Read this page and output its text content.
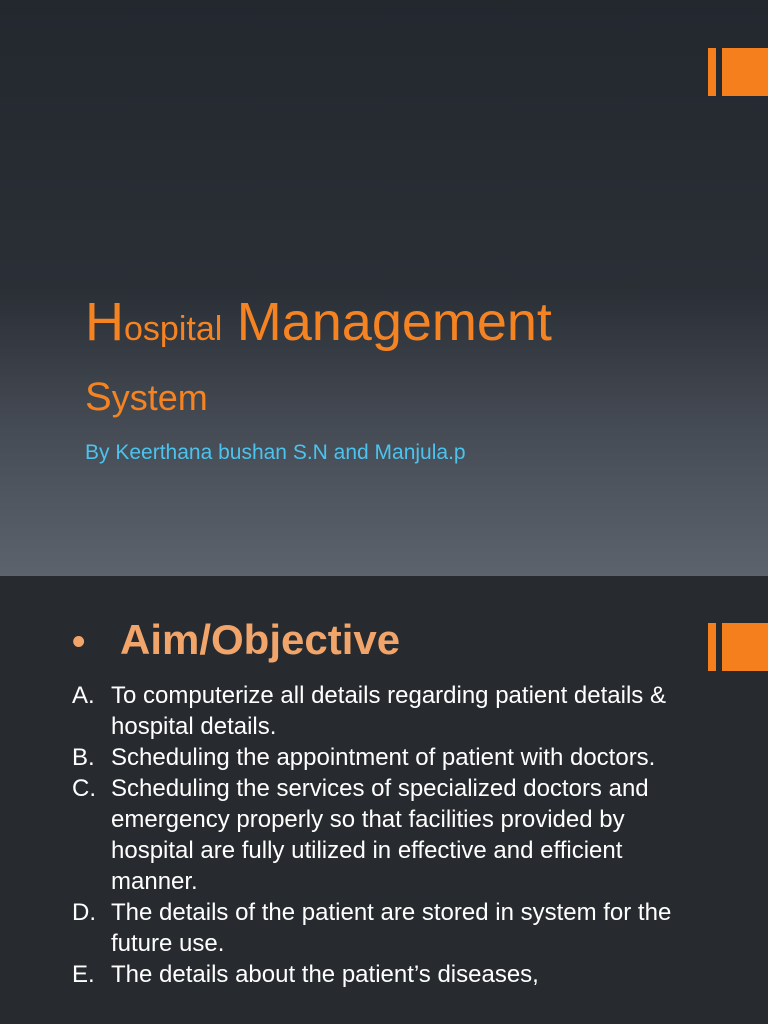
Hospital Management
System
By Keerthana bushan S.N and Manjula.p
• Aim/Objective
A. To computerize all details regarding patient details & hospital details.
B. Scheduling the appointment of patient with doctors.
C. Scheduling the services of specialized doctors and emergency properly so that facilities provided by hospital are fully utilized in effective and efficient manner.
D. The details of the patient are stored in system for the future use.
E. The details about the patient’s diseases,
